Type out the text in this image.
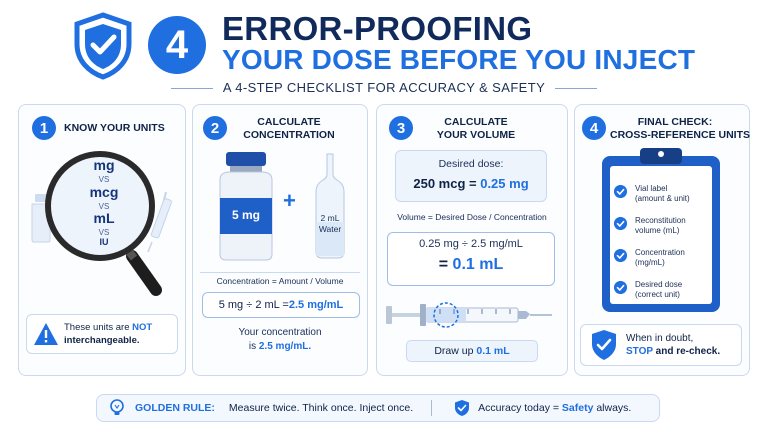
4	ERROR-PROOFING
YOUR DOSE BEFORE YOU INJECT
A 4-STEP CHECKLIST FOR ACCURACY & SAFETY
1	KNOW YOUR UNITS
mg
VS
mcg
VS
mL
VS
IU
These units are NOT
interchangeable.
2	CALCULATE
CONCENTRATION
5 mg
+
2 mL
Water
Concentration = Amount / Volume
5 mg ÷ 2 mL = 2.5 mg/mL
Your concentration
is 2.5 mg/mL.
3	CALCULATE
YOUR VOLUME
Desired dose:
250 mcg = 0.25 mg
Volume = Desired Dose / Concentration
0.25 mg ÷ 2.5 mg/mL
= 0.1 mL
Draw up
0.1 mL
4	FINAL CHECK:
CROSS-REFERENCE UNITS
Vial label
(amount & unit)
Reconstitution
volume (mL)
Concentration
(mg/mL)
Desired dose
(correct unit)
When in doubt,
STOP and re-check.
GOLDEN RULE: Measure twice. Think once. Inject once.	Accuracy today = Safety always.
